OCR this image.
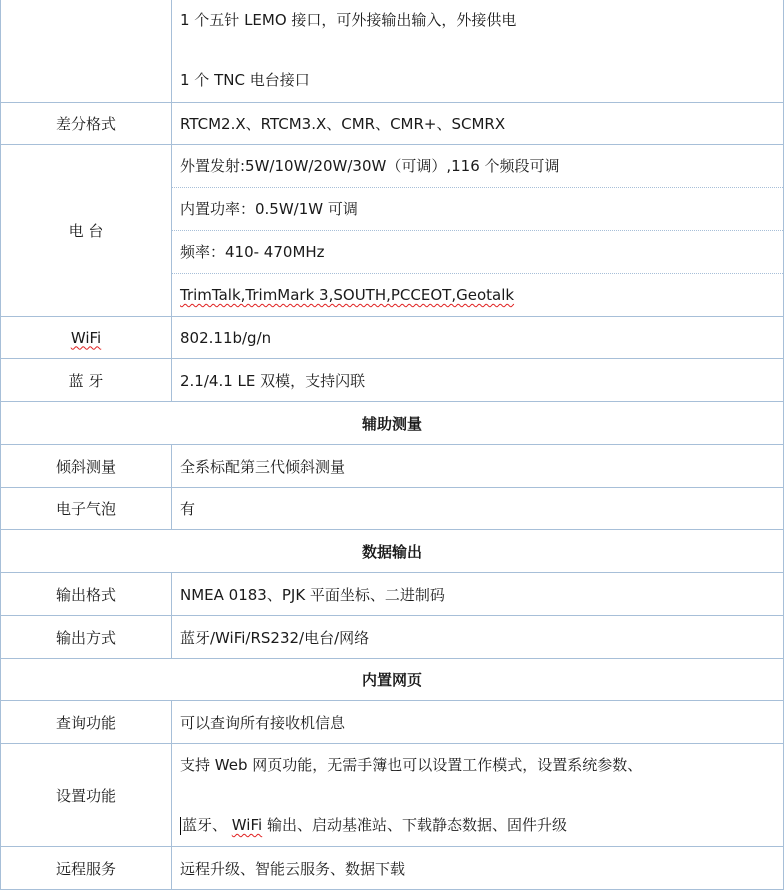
	1 个五针 LEMO 接口，可外接输出输入，外接供电
1 个 TNC 电台接口

差分格式	RTCM2.X、RTCM3.X、CMR、CMR+、SCMRX
电 台	外置发射:5W/10W/20W/30W（可调）,116 个频段可调
内置功率：0.5W/1W 可调
频率：410- 470MHz
TrimTalk,TrimMark 3,SOUTH,PCCEOT,Geotalk

WiFi	802.11b/g/n
蓝 牙	2.1/4.1 LE 双模，支持闪联
辅助测量	
倾斜测量	全系标配第三代倾斜测量
电子气泡	有
数据输出	
输出格式	NMEA 0183、PJK 平面坐标、二进制码
输出方式	蓝牙/WiFi/RS232/电台/网络
内置网页	
查询功能	可以查询所有接收机信息
设置功能	支持 Web 网页功能，无需手簿也可以设置工作模式，设置系统参数、
蓝牙、 WiFi 输出、启动基准站、下载静态数据、固件升级

远程服务	远程升级、智能云服务、数据下载
